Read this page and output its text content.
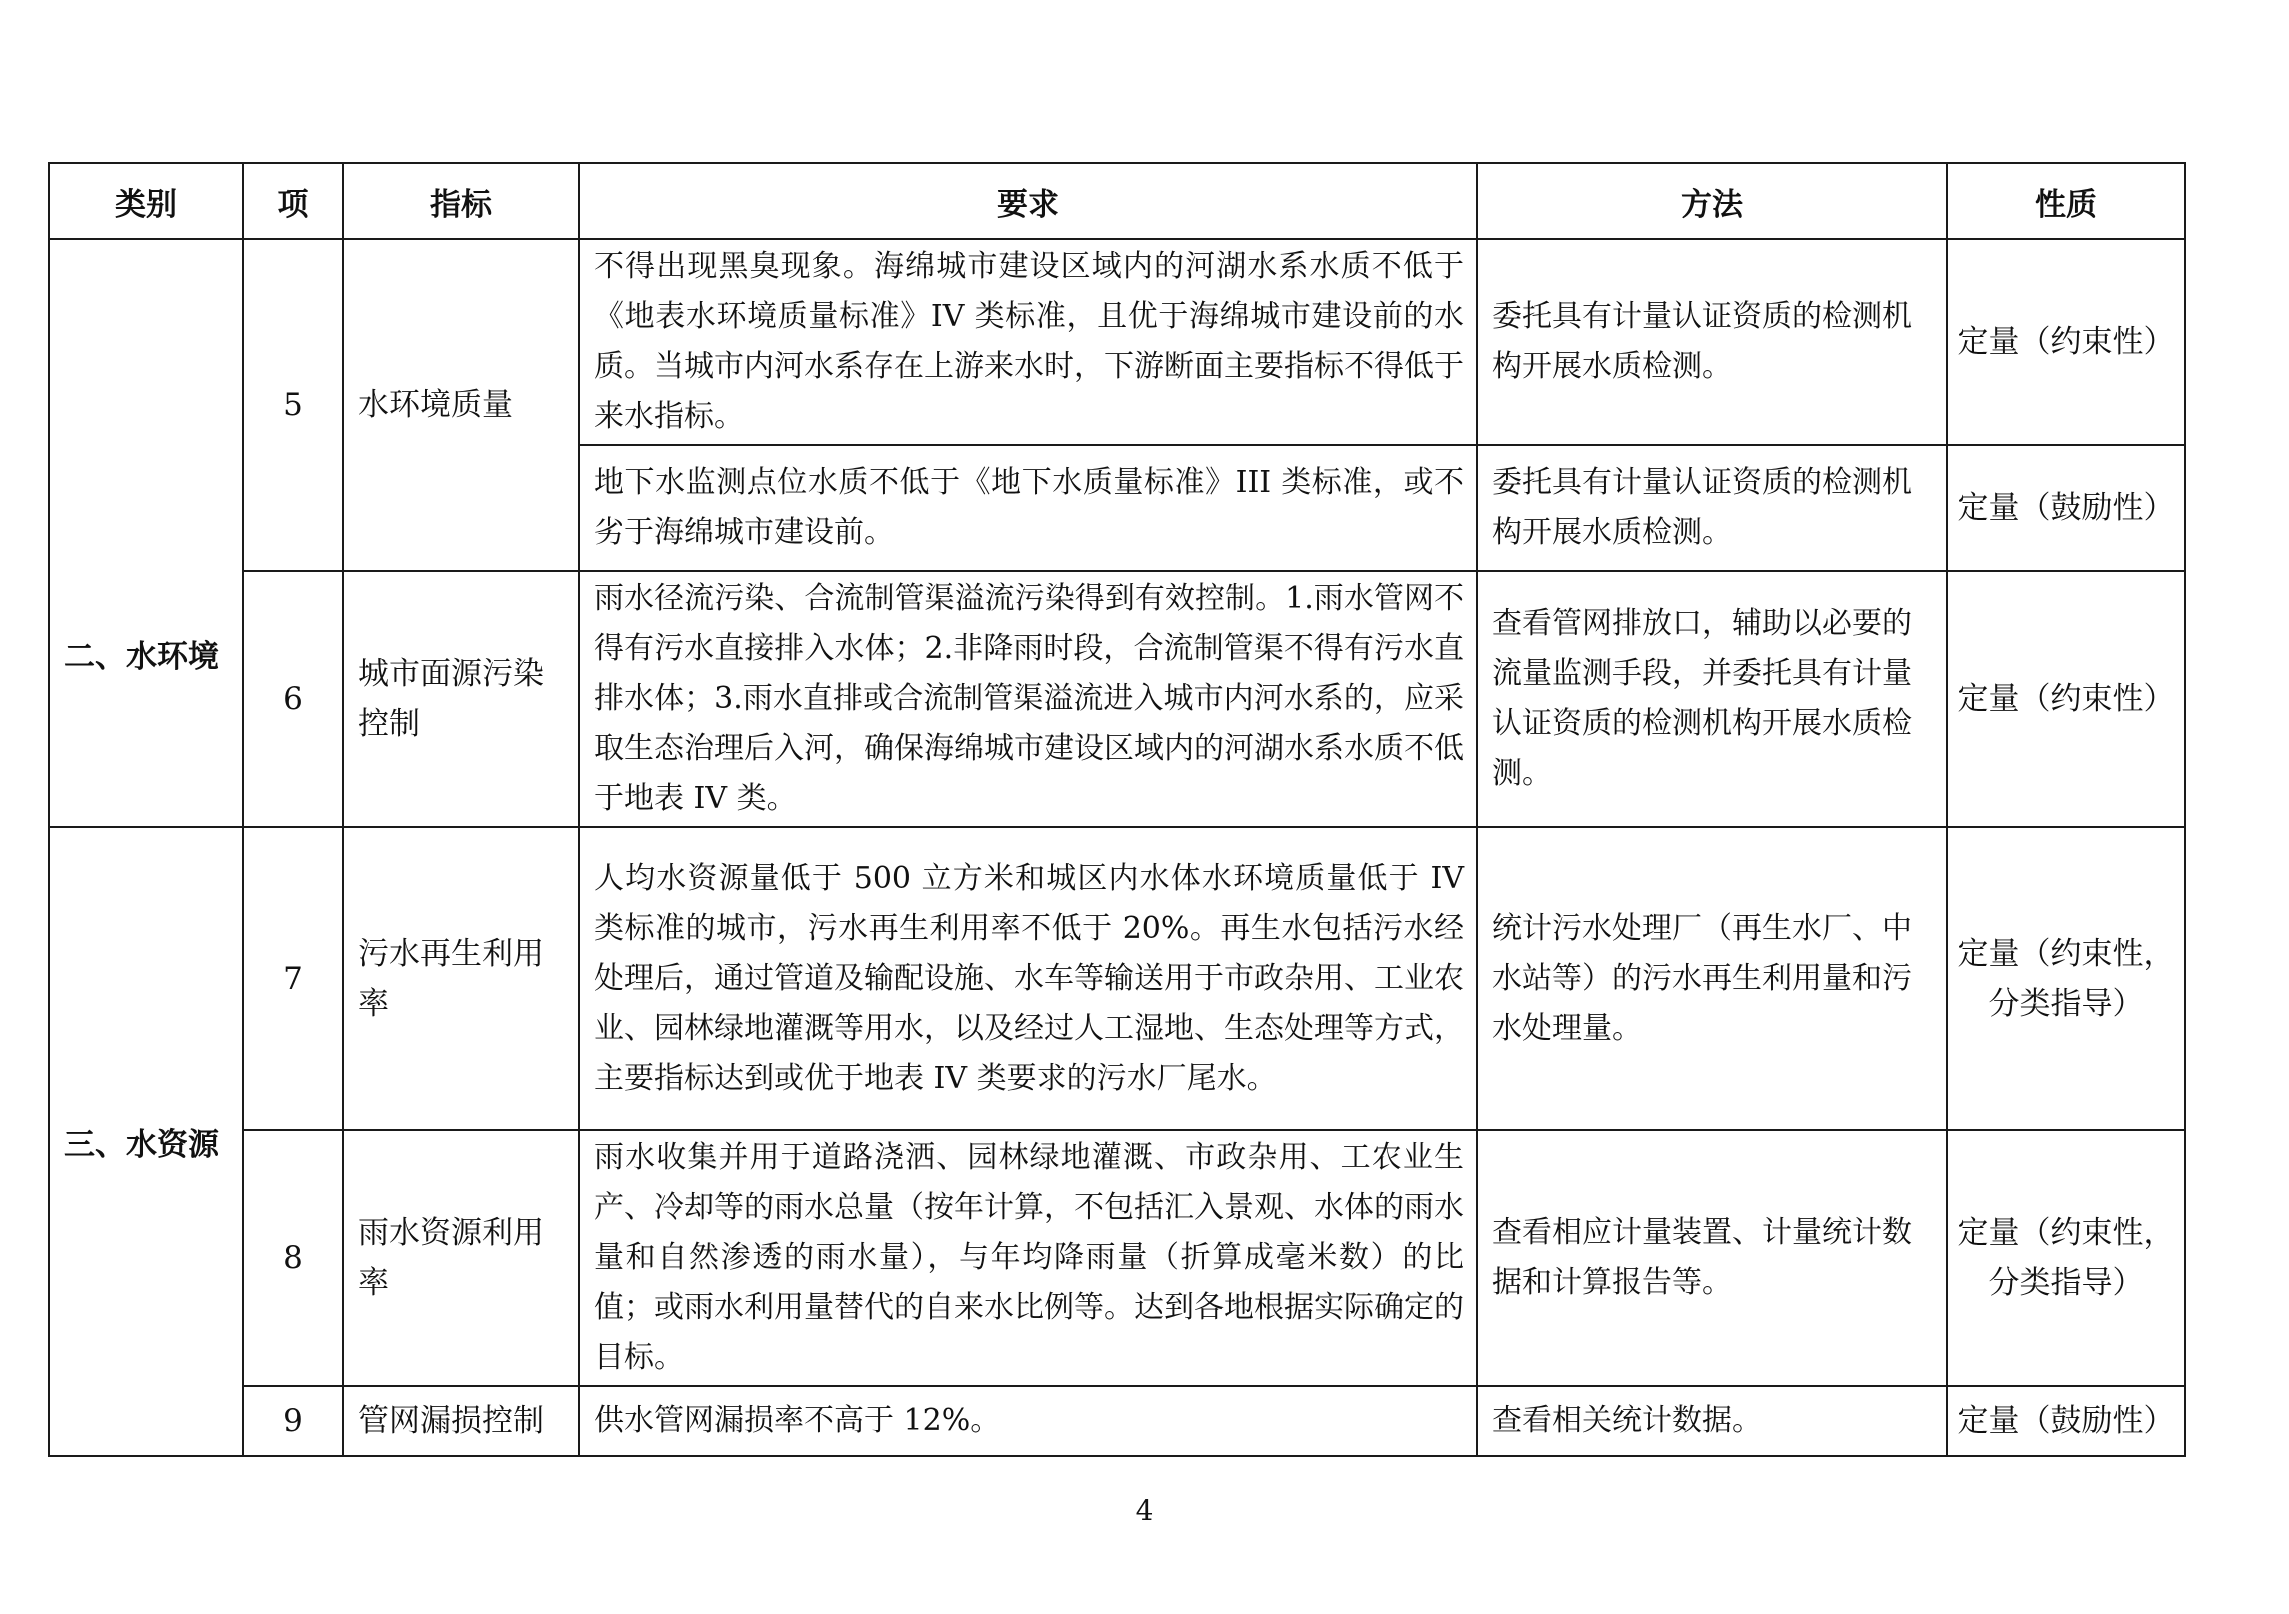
类别	项	指标	要求	方法	性质
二、水环境	5	水环境质量	不得出现黑臭现象。海绵城市建设区域内的河湖水系水质不低于《地表水环境质量标准》IV 类标准，且优于海绵城市建设前的水质。当城市内河水系存在上游来水时，下游断面主要指标不得低于来水指标。	委托具有计量认证资质的检测机构开展水质检测。	定量（约束性）
			地下水监测点位水质不低于《地下水质量标准》III 类标准，或不劣于海绵城市建设前。	委托具有计量认证资质的检测机构开展水质检测。	定量（鼓励性）
	6	城市面源污染控制	雨水径流污染、合流制管渠溢流污染得到有效控制。1.雨水管网不得有污水直接排入水体；2.非降雨时段，合流制管渠不得有污水直排水体；3.雨水直排或合流制管渠溢流进入城市内河水系的，应采取生态治理后入河，确保海绵城市建设区域内的河湖水系水质不低于地表 IV 类。	查看管网排放口，辅助以必要的流量监测手段，并委托具有计量认证资质的检测机构开展水质检测。	定量（约束性）
三、水资源	7	污水再生利用率	人均水资源量低于 500 立方米和城区内水体水环境质量低于 IV 类标准的城市，污水再生利用率不低于 20%。再生水包括污水经处理后，通过管道及输配设施、水车等输送用于市政杂用、工业农业、园林绿地灌溉等用水，以及经过人工湿地、生态处理等方式，主要指标达到或优于地表 IV 类要求的污水厂尾水。	统计污水处理厂（再生水厂、中水站等）的污水再生利用量和污水处理量。	定量（约束性，分类指导）
	8	雨水资源利用率	雨水收集并用于道路浇洒、园林绿地灌溉、市政杂用、工农业生产、冷却等的雨水总量（按年计算，不包括汇入景观、水体的雨水量和自然渗透的雨水量），与年均降雨量（折算成毫米数）的比值；或雨水利用量替代的自来水比例等。达到各地根据实际确定的目标。	查看相应计量装置、计量统计数据和计算报告等。	定量（约束性，分类指导）
	9	管网漏损控制	供水管网漏损率不高于 12%。	查看相关统计数据。	定量（鼓励性）
4
